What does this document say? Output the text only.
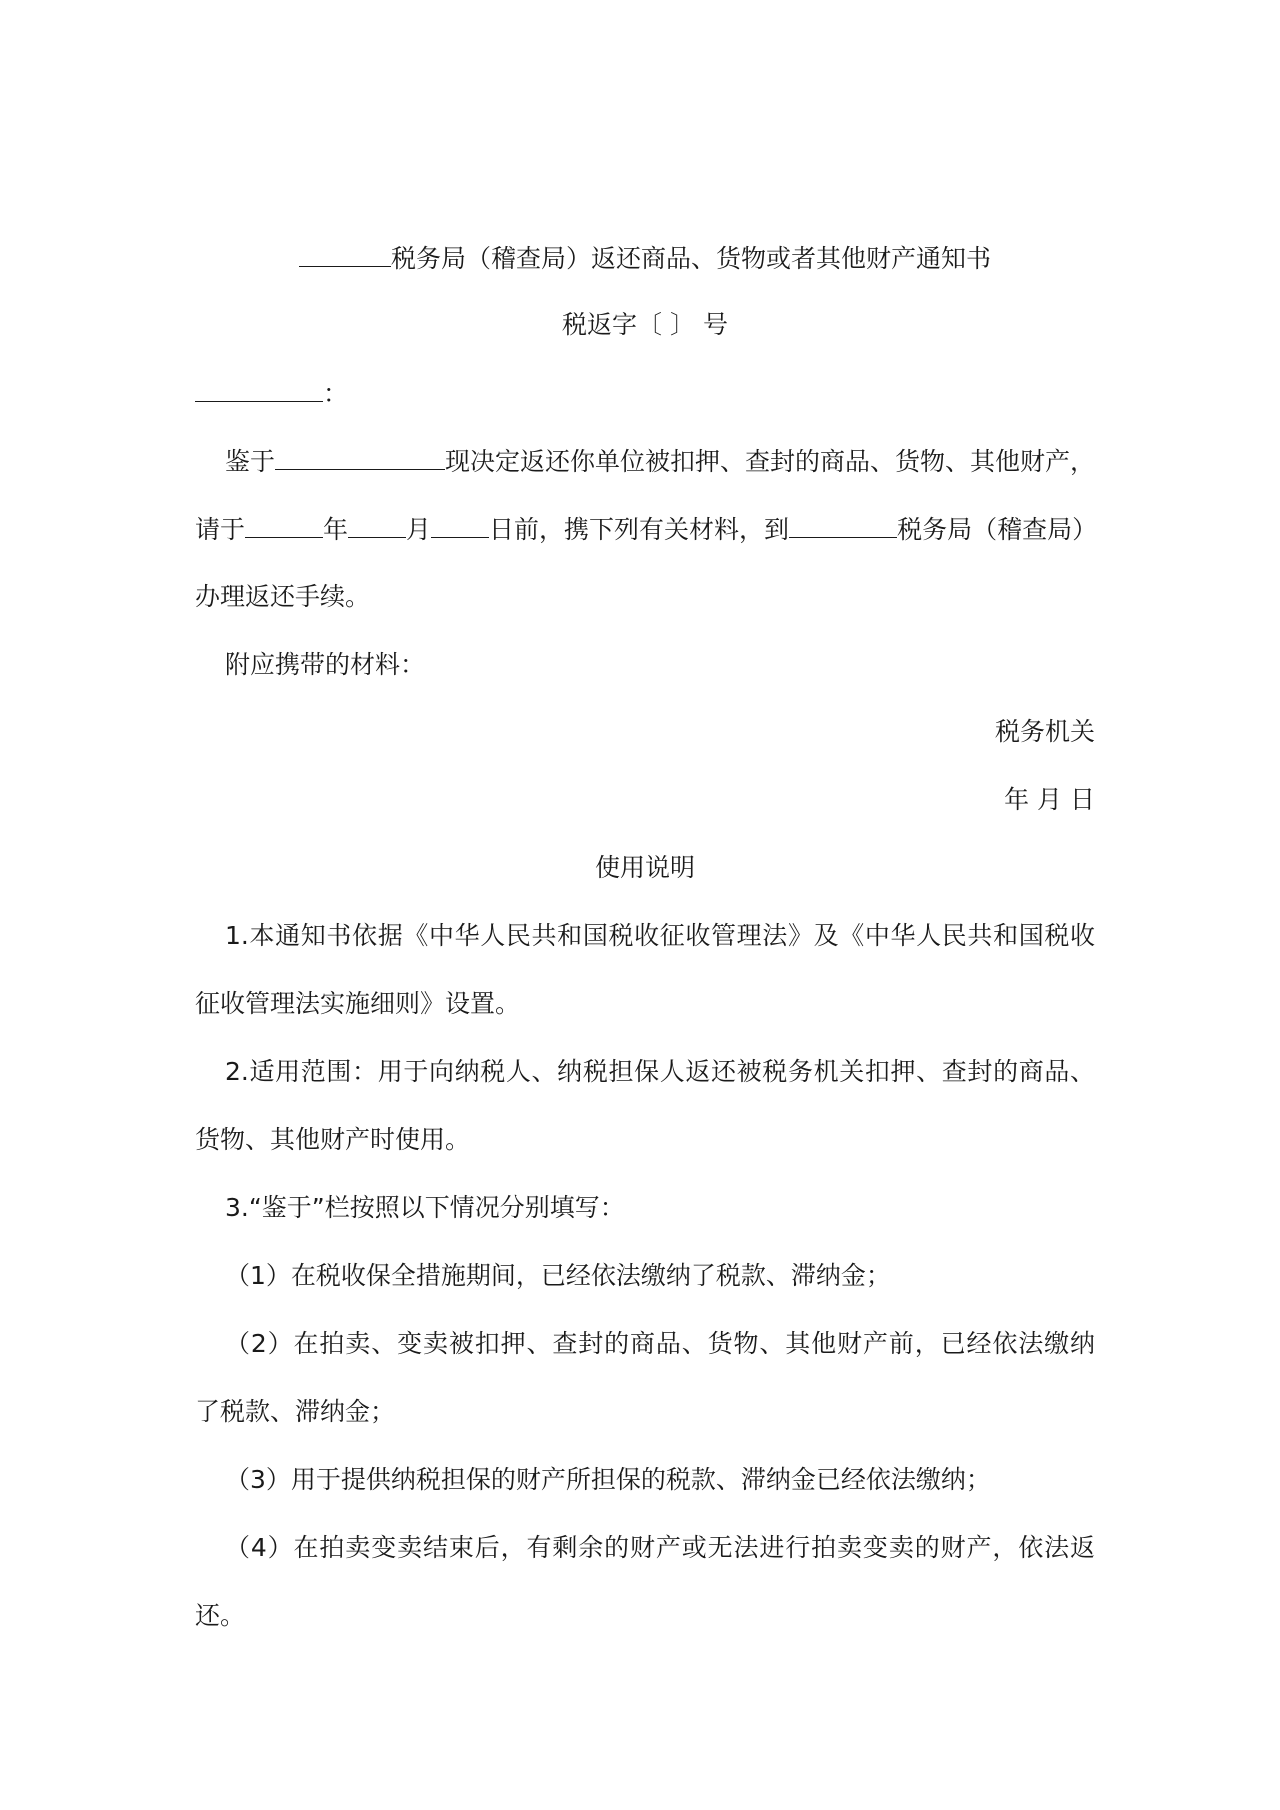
税务局（稽查局）返还商品、货物或者其他财产通知书
税返字〔 〕 号
：
鉴于	现决定返还你单位被扣押、查封的商品、货物、其他财产，
请于	年 月 日前，携下列有关材料，到	税务局（稽查局）
办理返还手续。
附应携带的材料：
税务机关
年 月 日
使用说明
1.本通知书依据《中华人民共和国税收征收管理法》及《中华人民共和国税收
征收管理法实施细则》设置。
2.适用范围：用于向纳税人、纳税担保人返还被税务机关扣押、查封的商品、
货物、其他财产时使用。
3.“鉴于”栏按照以下情况分别填写：
（1）在税收保全措施期间，已经依法缴纳了税款、滞纳金；
（2）在拍卖、变卖被扣押、查封的商品、货物、其他财产前，已经依法缴纳
了税款、滞纳金；
（3）用于提供纳税担保的财产所担保的税款、滞纳金已经依法缴纳；
（4）在拍卖变卖结束后，有剩余的财产或无法进行拍卖变卖的财产，依法返
还。
